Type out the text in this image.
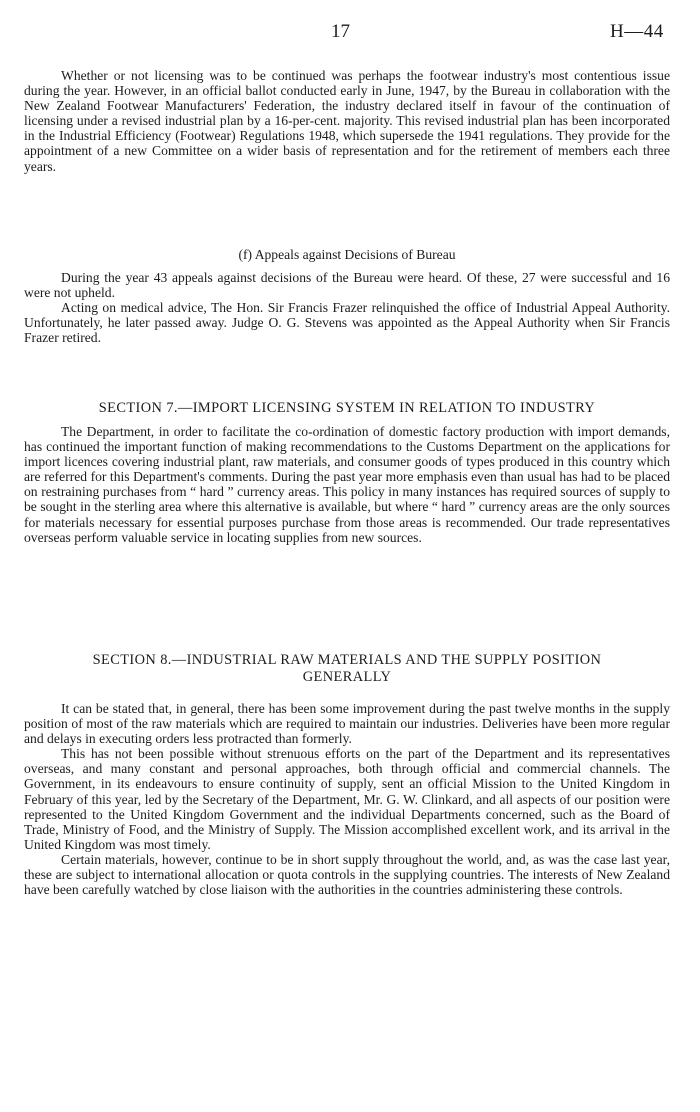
17	H—44

Whether or not licensing was to be continued was perhaps the footwear industry's most contentious issue during the year. However, in an official ballot conducted early in June, 1947, by the Bureau in collaboration with the New Zealand Footwear Manufacturers' Federation, the industry declared itself in favour of the continuation of licensing under a revised industrial plan by a 16-per-cent. majority. This revised industrial plan has been incorporated in the Industrial Efficiency (Footwear) Regulations 1948, which supersede the 1941 regulations. They provide for the appointment of a new Committee on a wider basis of representation and for the retirement of members each three years.

(f) Appeals against Decisions of Bureau

During the year 43 appeals against decisions of the Bureau were heard. Of these, 27 were successful and 16 were not upheld.

Acting on medical advice, The Hon. Sir Francis Frazer relinquished the office of Industrial Appeal Authority. Unfortunately, he later passed away. Judge O. G. Stevens was appointed as the Appeal Authority when Sir Francis Frazer retired.

SECTION 7.—IMPORT LICENSING SYSTEM IN RELATION TO INDUSTRY

The Department, in order to facilitate the co-ordination of domestic factory production with import demands, has continued the important function of making recommendations to the Customs Department on the applications for import licences covering industrial plant, raw materials, and consumer goods of types produced in this country which are referred for this Department's comments. During the past year more emphasis even than usual has had to be placed on restraining purchases from “ hard ” currency areas. This policy in many instances has required sources of supply to be sought in the sterling area where this alternative is available, but where “ hard ” currency areas are the only sources for materials necessary for essential purposes purchase from those areas is recommended. Our trade representatives overseas perform valuable service in locating supplies from new sources.

SECTION 8.—INDUSTRIAL RAW MATERIALS AND THE SUPPLY POSITION
GENERALLY

It can be stated that, in general, there has been some improvement during the past twelve months in the supply position of most of the raw materials which are required to maintain our industries. Deliveries have been more regular and delays in executing orders less protracted than formerly.

This has not been possible without strenuous efforts on the part of the Department and its representatives overseas, and many constant and personal approaches, both through official and commercial channels. The Government, in its endeavours to ensure continuity of supply, sent an official Mission to the United Kingdom in February of this year, led by the Secretary of the Department, Mr. G. W. Clinkard, and all aspects of our position were represented to the United Kingdom Government and the individual Departments concerned, such as the Board of Trade, Ministry of Food, and the Ministry of Supply. The Mission accomplished excellent work, and its arrival in the United Kingdom was most timely.

Certain materials, however, continue to be in short supply throughout the world, and, as was the case last year, these are subject to international allocation or quota controls in the supplying countries. The interests of New Zealand have been carefully watched by close liaison with the authorities in the countries administering these controls.
